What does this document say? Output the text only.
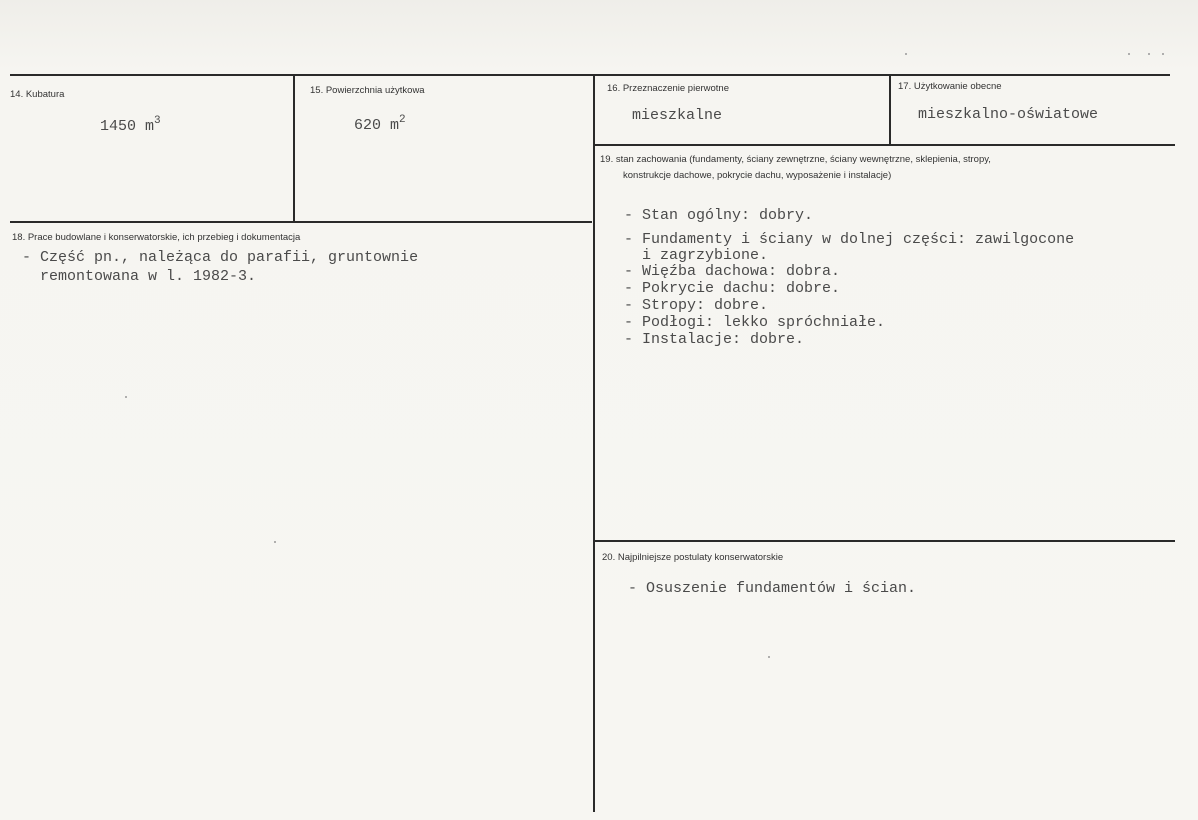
14. Kubatura
1450 $m^3$
15. Powierzchnia użytkowa
620 $m^2$
16. Przeznaczenie pierwotne
mieszkalne
17. Użytkowanie obecne
mieszkalno-oświatowe
18. Prace budowlane i konserwatorskie, ich przebieg i dokumentacja
- Część pn., należąca do parafii, gruntownie
remontowana w l. 1982-3.
19. stan zachowania (fundamenty, ściany zewnętrzne, ściany wewnętrzne, sklepienia, stropy,
konstrukcje dachowe, pokrycie dachu, wyposażenie i instalacje)
- Stan ogólny: dobry.
- Fundamenty i ściany w dolnej części: zawilgocone
i zagrzybione.
- Więźba dachowa: dobra.
- Pokrycie dachu: dobre.
- Stropy: dobre.
- Podłogi: lekko spróchniałe.
- Instalacje: dobre.
20. Najpilniejsze postulaty konserwatorskie
- Osuszenie fundamentów i ścian.
